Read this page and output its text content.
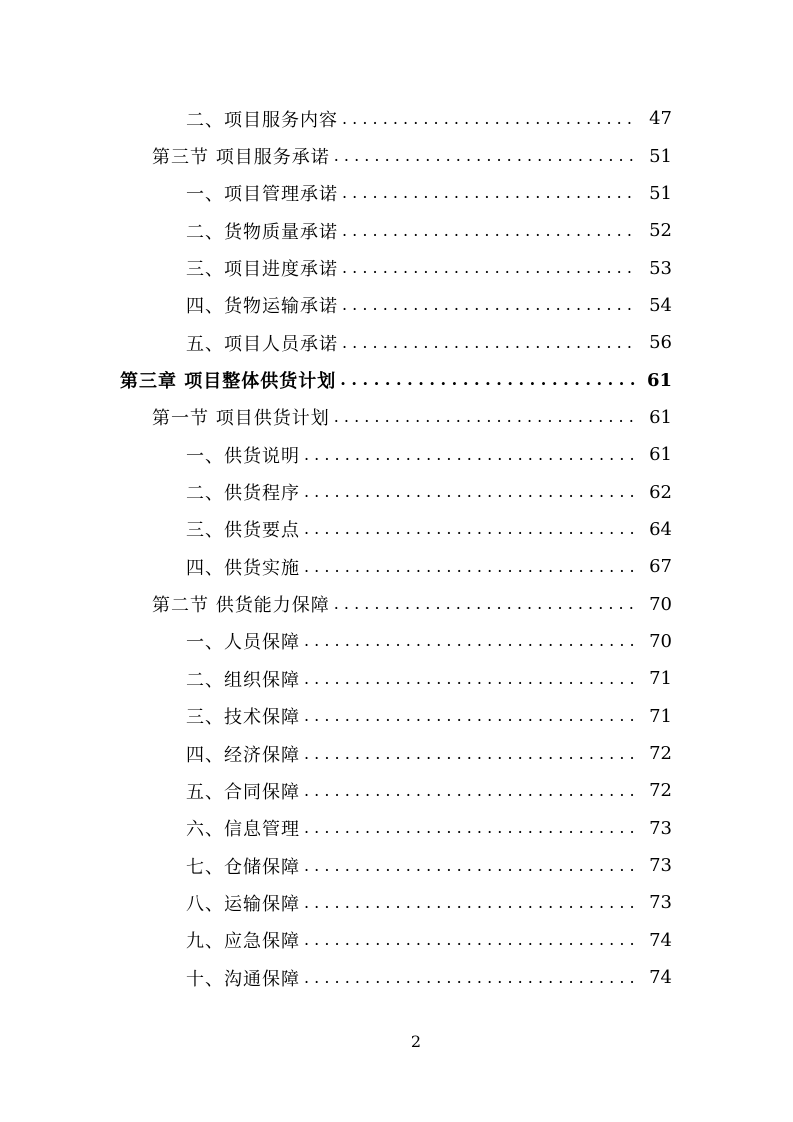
二、项目服务内容 . . .	47
第三节 项目服务承诺 . . .	51
一、项目管理承诺 . . .	51
二、货物质量承诺 . . .	52
三、项目进度承诺 . . .	53
四、货物运输承诺 . . .	54
五、项目人员承诺 . . .	56
第三章 项目整体供货计划 . . .	61
第一节 项目供货计划 . . .	61
一、供货说明 . . .	61
二、供货程序 . . .	62
三、供货要点 . . .	64
四、供货实施 . . .	67
第二节 供货能力保障 . . .	70
一、人员保障 . . .	70
二、组织保障 . . .	71
三、技术保障 . . .	71
四、经济保障 . . .	72
五、合同保障 . . .	72
六、信息管理 . . .	73
七、仓储保障 . . .	73
八、运输保障 . . .	73
九、应急保障 . . .	74
十、沟通保障 . . .	74
2
